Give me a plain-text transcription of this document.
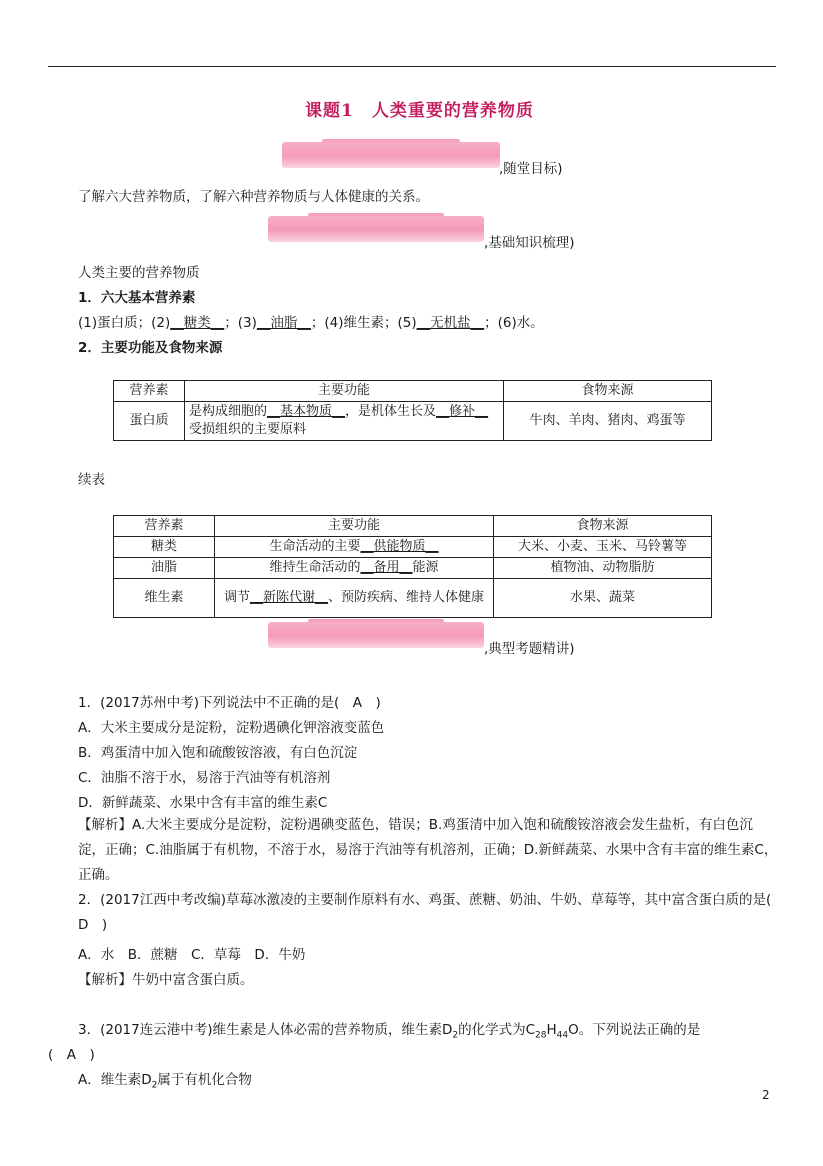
课题1　人类重要的营养物质
,随堂目标)
了解六大营养物质，了解六种营养物质与人体健康的关系。
,基础知识梳理)
人类主要的营养物质
1．六大基本营养素
(1)蛋白质；(2)__糖类__；(3)__油脂__；(4)维生素；(5)__无机盐__；(6)水。
2．主要功能及食物来源
营养素	主要功能	食物来源
蛋白质	是构成细胞的__基本物质__，是机体生长及__修补__受损组织的主要原料	牛肉、羊肉、猪肉、鸡蛋等
续表
营养素	主要功能	食物来源
糖类	生命活动的主要__供能物质__	大米、小麦、玉米、马铃薯等
油脂	维持生命活动的__备用__能源	植物油、动物脂肪
维生素	调节__新陈代谢__、预防疾病、维持人体健康	水果、蔬菜
,典型考题精讲)
1．(2017苏州中考)下列说法中不正确的是(　A　)
A．大米主要成分是淀粉，淀粉遇碘化钾溶液变蓝色
B．鸡蛋清中加入饱和硫酸铵溶液，有白色沉淀
C．油脂不溶于水，易溶于汽油等有机溶剂
D．新鲜蔬菜、水果中含有丰富的维生素C
【解析】A.大米主要成分是淀粉，淀粉遇碘变蓝色，错误；B.鸡蛋清中加入饱和硫酸铵溶液会发生盐析，有白色沉淀，正确；C.油脂属于有机物，不溶于水，易溶于汽油等有机溶剂，正确；D.新鲜蔬菜、水果中含有丰富的维生素C，正确。
2．(2017江西中考改编)草莓冰激凌的主要制作原料有水、鸡蛋、蔗糖、奶油、牛奶、草莓等，其中富含蛋白质的是(　D　)
A．水　B．蔗糖　C．草莓　D．牛奶
【解析】牛奶中富含蛋白质。
3．(2017连云港中考)维生素是人体必需的营养物质，维生素$D_2$的化学式为$C_{28}H_{44}O$。下列说法正确的是
(　A　)
A．维生素$D_2$属于有机化合物
2
